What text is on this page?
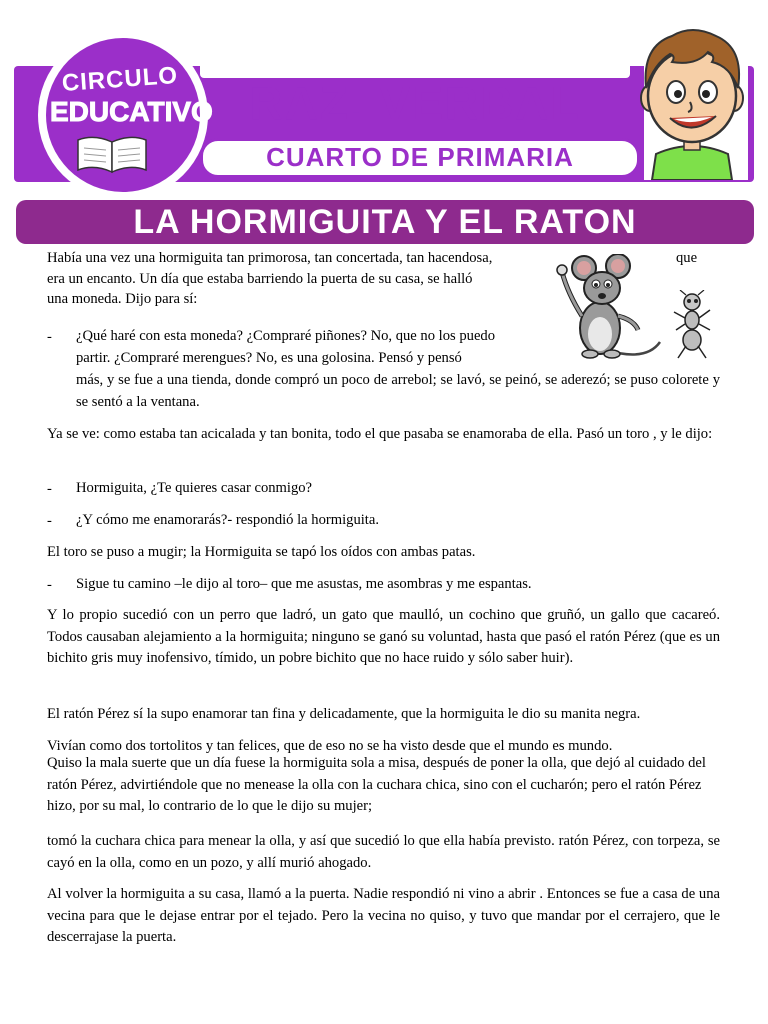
CIRCULO
EDUCATIVO RAZ. VERBAL
CUARTO DE PRIMARIA
LA HORMIGUITA Y EL RATON
Había una vez una hormiguita tan primorosa, tan concertada, tan hacendosa,	que
era un encanto. Un día que estaba barriendo la puerta de su casa, se halló
una moneda. Dijo para sí:
- ¿Qué haré con esta moneda? ¿Compraré piñones? No, que no los puedo
partir. ¿Compraré merengues? No, es una golosina. Pensó y pensó
más, y se fue a una tienda, donde compró un poco de arrebol; se lavó, se peinó, se aderezó; se puso colorete y se sentó a la ventana.
Ya se ve: como estaba tan acicalada y tan bonita, todo el que pasaba se enamoraba de ella. Pasó un toro , y le dijo:
- Hormiguita, ¿Te quieres casar conmigo?
- ¿Y cómo me enamorarás?- respondió la hormiguita.
El toro se puso a mugir; la Hormiguita se tapó los oídos con ambas patas.
- Sigue tu camino –le dijo al toro– que me asustas, me asombras y me espantas.
Y lo propio sucedió con un perro que ladró, un gato que maulló, un cochino que gruñó, un gallo que cacareó. Todos causaban alejamiento a la hormiguita; ninguno se ganó su voluntad, hasta que pasó el ratón Pérez (que es un bichito gris muy inofensivo, tímido, un pobre bichito que no hace ruido y sólo saber huir).
El ratón Pérez sí la supo enamorar tan fina y delicadamente, que la hormiguita le dio su manita negra.
Vivían como dos tortolitos y tan felices, que de eso no se ha visto desde que el mundo es mundo.
Quiso la mala suerte que un día fuese la hormiguita sola a misa, después de poner la olla, que dejó al cuidado del ratón Pérez, advirtiéndole que no menease la olla con la cuchara chica, sino con el cucharón; pero el ratón Pérez hizo, por su mal, lo contrario de lo que le dijo su mujer;
tomó la cuchara chica para menear la olla, y así que sucedió lo que ella había previsto. ratón Pérez, con torpeza, se cayó en la olla, como en un pozo, y allí murió ahogado.
Al volver la hormiguita a su casa, llamó a la puerta. Nadie respondió ni vino a abrir . Entonces se fue a casa de una vecina para que le dejase entrar por el tejado. Pero la vecina no quiso, y tuvo que mandar por el cerrajero, que le descerrajase la puerta.
